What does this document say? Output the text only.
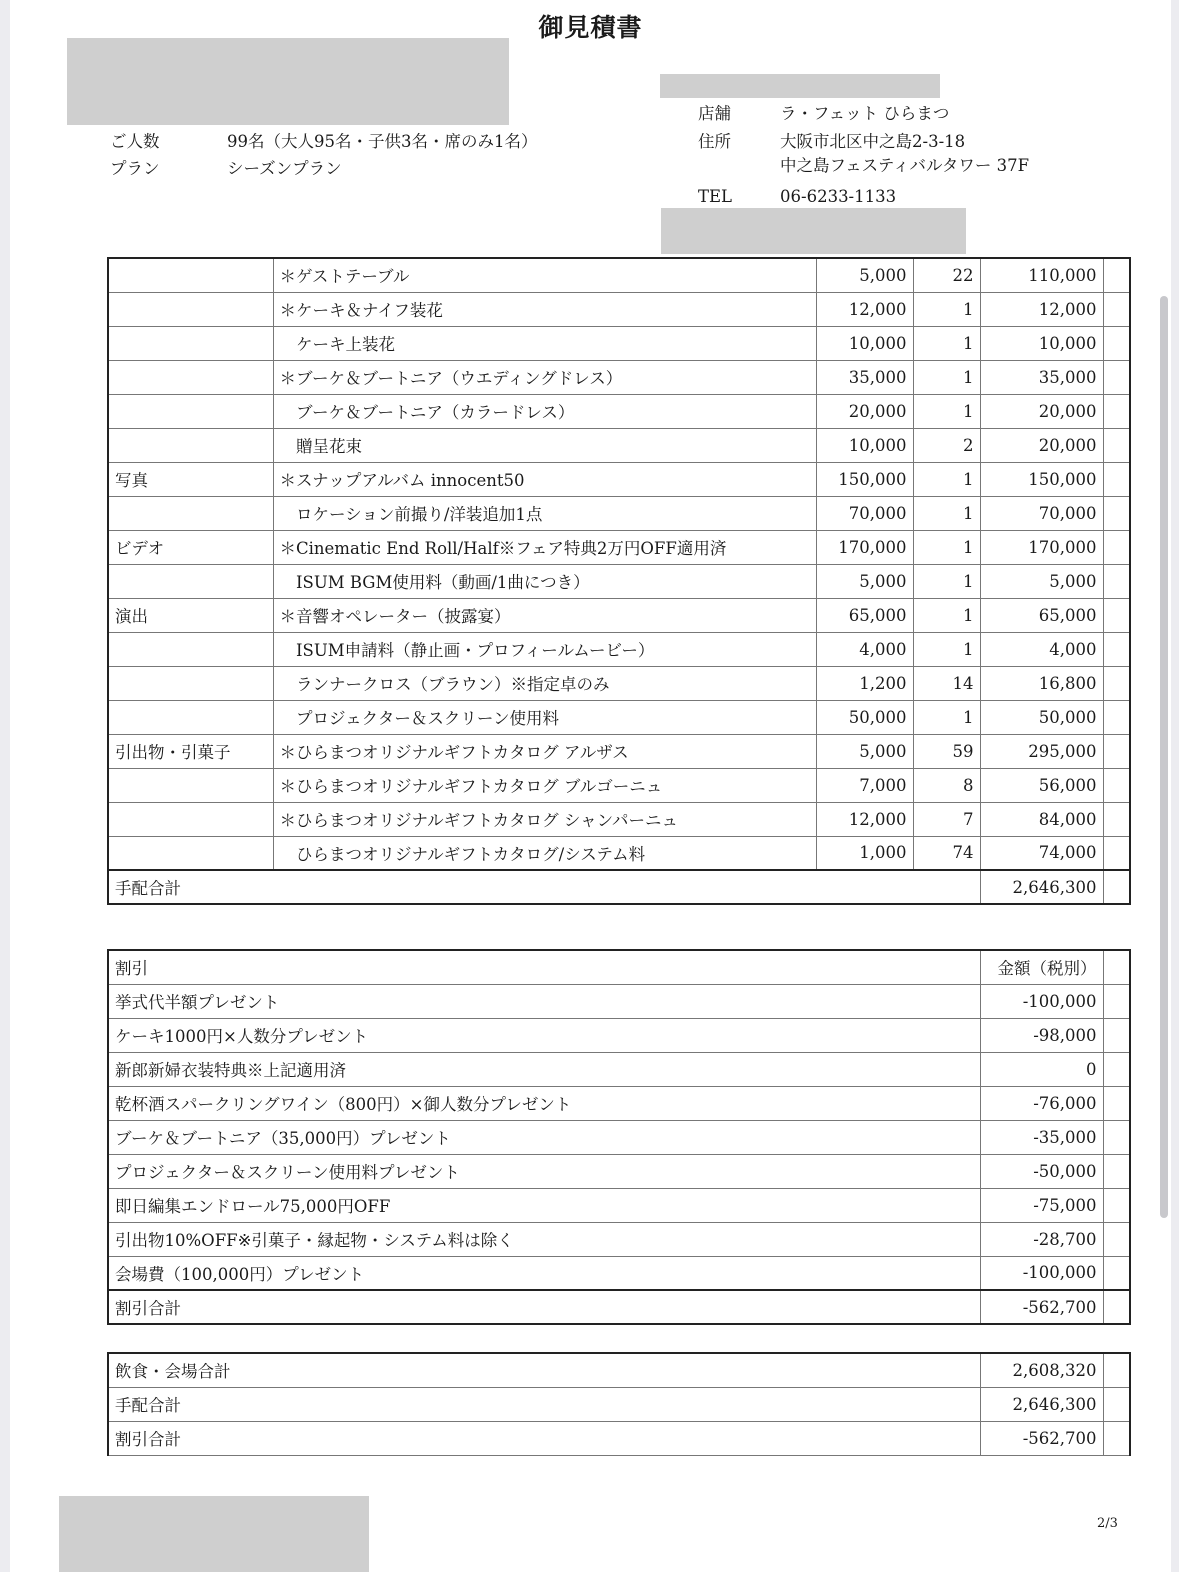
御見積書
ご人数	99名（大人95名・子供3名・席のみ1名）
プラン	シーズンプラン
店舗	ラ・フェット ひらまつ
住所	大阪市北区中之島2-3-18
中之島フェスティバルタワー 37F
TEL	06-6233-1133
	＊ゲストテーブル	5,000	22	110,000	
	＊ケーキ＆ナイフ装花	12,000	1	12,000	
	　ケーキ上装花	10,000	1	10,000	
	＊ブーケ＆ブートニア（ウエディングドレス）	35,000	1	35,000	
	　ブーケ＆ブートニア（カラードレス）	20,000	1	20,000	
	　贈呈花束	10,000	2	20,000	
写真	＊スナップアルバム innocent50	150,000	1	150,000	
	　ロケーション前撮り/洋装追加1点	70,000	1	70,000	
ビデオ	＊Cinematic End Roll/Half※フェア特典2万円OFF適用済	170,000	1	170,000	
	　ISUM BGM使用料（動画/1曲につき）	5,000	1	5,000	
演出	＊音響オペレーター（披露宴）	65,000	1	65,000	
	　ISUM申請料（静止画・プロフィールムービー）	4,000	1	4,000	
	　ランナークロス（ブラウン）※指定卓のみ	1,200	14	16,800	
	　プロジェクター＆スクリーン使用料	50,000	1	50,000	
引出物・引菓子	＊ひらまつオリジナルギフトカタログ アルザス	5,000	59	295,000	
	＊ひらまつオリジナルギフトカタログ ブルゴーニュ	7,000	8	56,000	
	＊ひらまつオリジナルギフトカタログ シャンパーニュ	12,000	7	84,000	
	　ひらまつオリジナルギフトカタログ/システム料	1,000	74	74,000	
手配合計				2,646,300	
割引	金額（税別）	
挙式代半額プレゼント	-100,000	
ケーキ1000円×人数分プレゼント	-98,000	
新郎新婦衣装特典※上記適用済	0	
乾杯酒スパークリングワイン（800円）×御人数分プレゼント	-76,000	
ブーケ＆ブートニア（35,000円）プレゼント	-35,000	
プロジェクター＆スクリーン使用料プレゼント	-50,000	
即日編集エンドロール75,000円OFF	-75,000	
引出物10%OFF※引菓子・縁起物・システム料は除く	-28,700	
会場費（100,000円）プレゼント	-100,000	
割引合計	-562,700	
飲食・会場合計	2,608,320	
手配合計	2,646,300	
割引合計	-562,700	
2/3
